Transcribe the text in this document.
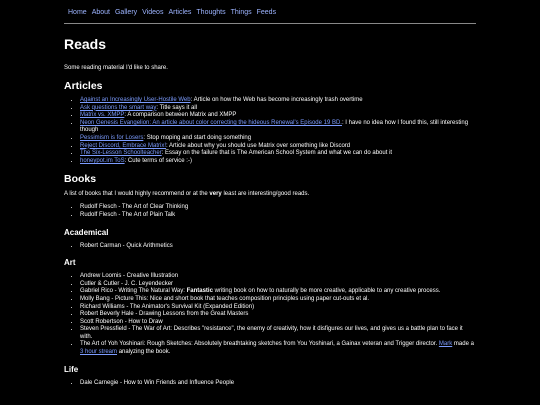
Home About Gallery Videos Articles Thoughts Things Feeds
Reads

Some reading material I'd like to share.

Articles
• Against an Increasingly User-Hostile Web: Article on how the Web has become increasingly trash overtime
• Ask questions the smart way: Title says it all
• Matrix vs. XMPP: A comparison between Matrix and XMPP
• Neon Genesis Evangelion: An article about color correcting the hideous Renewal's Episode 19 BD.: I have no idea how I found this, still interesting though
• Pessimism is for Losers: Stop moping and start doing something
• Reject Discord, Embrace Matrix!: Article about why you should use Matrix over something like Discord
• The Six-Lesson Schoolteacher: Essay on the failure that is The American School System and what we can do about it
• honeypot.im ToS: Cute terms of service :-)
Books

A list of books that I would highly recommend or at the very least are interesting/good reads.

• Rudolf Flesch - The Art of Clear Thinking
• Rudolf Flesch - The Art of Plain Talk
Academical
• Robert Carman - Quick Arithmetics
Art
• Andrew Loomis - Creative Illustration
• Cutler & Cutler - J. C. Leyendecker
• Gabriel Rico - Writing The Natural Way: Fantastic writing book on how to naturally be more creative, applicable to any creative process.
• Molly Bang - Picture This: Nice and short book that teaches composition principles using paper cut-outs et al.
• Richard Williams - The Animator's Survival Kit (Expanded Edition)
• Robert Beverly Hale - Drawing Lessons from the Great Masters
• Scott Robertson - How to Draw
• Steven Pressfield - The War of Art: Describes "resistance", the enemy of creativity, how it disfigures our lives, and gives us a battle plan to face it with.
• The Art of Yoh Yoshinari: Rough Sketches: Absolutely breathtaking sketches from You Yoshinari, a Gainax veteran and Trigger director. Mark made a 3 hour stream analyzing the book.
Life
• Dale Carnegie - How to Win Friends and Influence People
